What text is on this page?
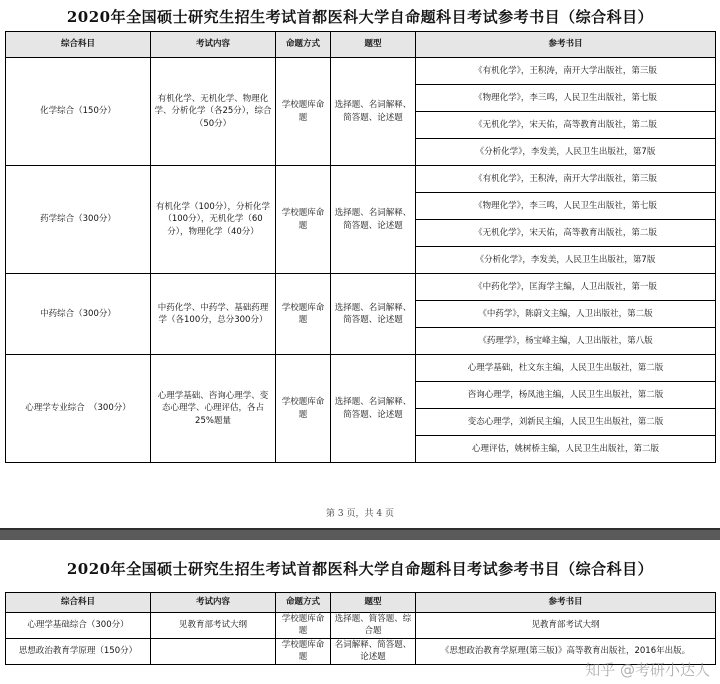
2020年全国硕士研究生招生考试首都医科大学自命题科目考试参考书目（综合科目）
综合科目	考试内容	命题方式	题型	参考书目
化学综合（150分）	有机化学、无机化学、物理化学、分析化学（各25分），综合（50分）	学校题库命题	选择题、名词解释、简答题、论述题	《有机化学》，王积涛，南开大学出版社，第三版
				《物理化学》，李三鸣，人民卫生出版社，第七版
				《无机化学》，宋天佑，高等教育出版社，第二版
				《分析化学》，李发美，人民卫生出版社，第7版
药学综合（300分）	有机化学（100分），分析化学（100分），无机化学（60分），物理化学（40分）	学校题库命题	选择题、名词解释、简答题、论述题	《有机化学》，王积涛，南开大学出版社，第三版
				《物理化学》，李三鸣，人民卫生出版社，第七版
				《无机化学》，宋天佑，高等教育出版社，第二版
				《分析化学》，李发美，人民卫生出版社，第7版
中药综合（300分）	中药化学、中药学、基础药理学（各100分，总分300分）	学校题库命题	选择题、名词解释、简答题、论述题	《中药化学》，匡海学主编，人卫出版社，第一版
				《中药学》，陈蔚文主编，人卫出版社，第二版
				《药理学》，杨宝峰主编，人卫出版社，第八版
心理学专业综合　（300分）	心理学基础、咨询心理学、变态心理学、心理评估，各占25%题量	学校题库命题	选择题、名词解释、简答题、论述题	心理学基础，杜文东主编，人民卫生出版社，第二版
				咨询心理学，杨凤池主编，人民卫生出版社，第二版
				变态心理学，刘新民主编，人民卫生出版社，第二版
				心理评估，姚树桥主编，人民卫生出版社，第二版
第 3 页，共 4 页
2020年全国硕士研究生招生考试首都医科大学自命题科目考试参考书目（综合科目）
综合科目	考试内容	命题方式	题型	参考书目
心理学基础综合（300分）	见教育部考试大纲	学校题库命题	选择题、简答题、综合题	见教育部考试大纲
思想政治教育学原理（150分）		学校题库命题	名词解释、简答题、论述题	《思想政治教育学原理(第三版)》高等教育出版社，2016年出版。
知乎 @考研小达人
